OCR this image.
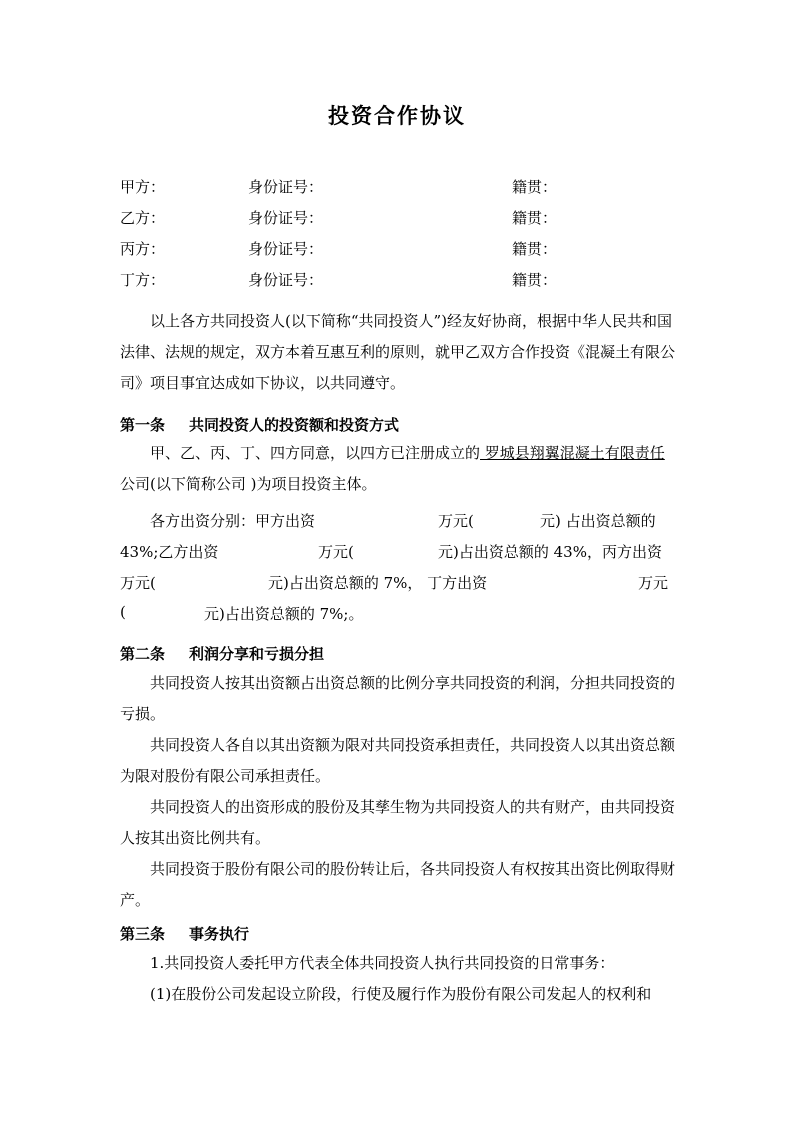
投资合作协议
甲方：	身份证号：	籍贯：
乙方：	身份证号：	籍贯：
丙方：	身份证号：	籍贯：
丁方：	身份证号：	籍贯：

以上各方共同投资人(以下简称“共同投资人”)经友好协商，根据中华人民共和国法律、法规的规定，双方本着互惠互利的原则，就甲乙双方合作投资《混凝土有限公司》项目事宜达成如下协议，以共同遵守。

第一条 共同投资人的投资额和投资方式

甲、乙、丙、丁、四方同意，以四方已注册成立的 罗城县翔翼混凝土有限责任 公司(以下简称公司 )为项目投资主体。

各方出资分别：甲方出资	万元(	元) 占出资总额的
43%;乙方出资	万元(	元)占出资总额的 43%，丙方出资
万元(	元)占出资总额的 7%， 丁方出资	万元
(	元)占出资总额的 7%;。

第二条 利润分享和亏损分担

共同投资人按其出资额占出资总额的比例分享共同投资的利润，分担共同投资的亏损。

共同投资人各自以其出资额为限对共同投资承担责任，共同投资人以其出资总额为限对股份有限公司承担责任。

共同投资人的出资形成的股份及其孳生物为共同投资人的共有财产，由共同投资人按其出资比例共有。

共同投资于股份有限公司的股份转让后，各共同投资人有权按其出资比例取得财产。

第三条 事务执行

1.共同投资人委托甲方代表全体共同投资人执行共同投资的日常事务：

(1)在股份公司发起设立阶段，行使及履行作为股份有限公司发起人的权利和
